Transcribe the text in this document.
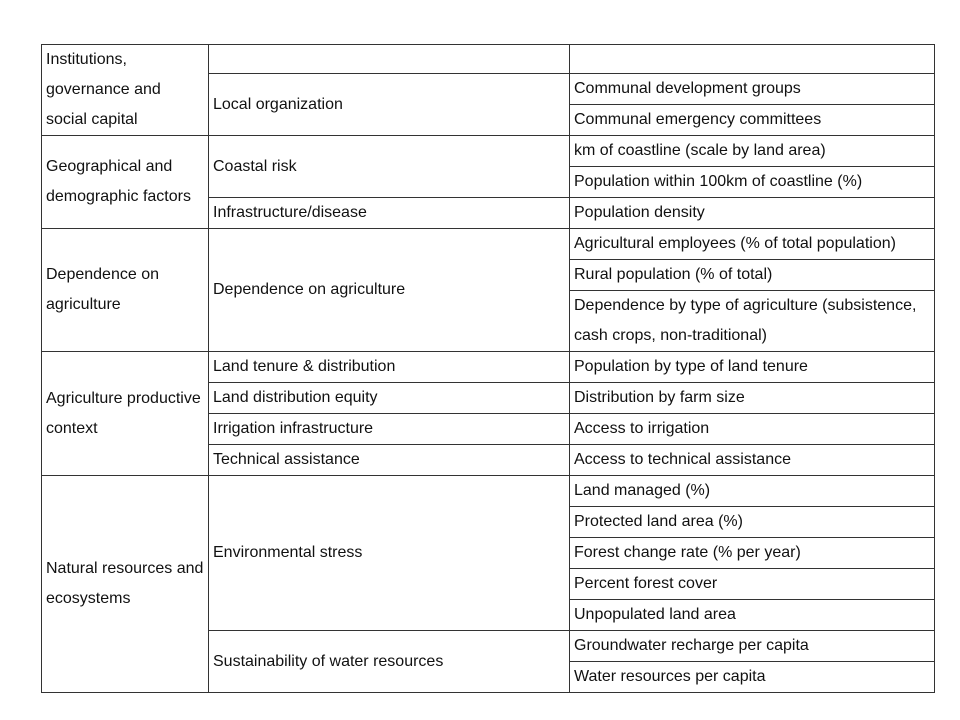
Institutions, governance and social capital		
	Local organization	Communal development groups
		Communal emergency committees
Geographical and demographic factors	Coastal risk	km of coastline (scale by land area)
		Population within 100km of coastline (%)
	Infrastructure/disease	Population density
Dependence on agriculture	Dependence on agriculture	Agricultural employees (% of total population)
		Rural population (% of total)
		Dependence by type of agriculture (subsistence, cash crops, non-traditional)
Agriculture productive context	Land tenure & distribution	Population by type of land tenure
	Land distribution equity	Distribution by farm size
	Irrigation infrastructure	Access to irrigation
	Technical assistance	Access to technical assistance
Natural resources and ecosystems	Environmental stress	Land managed (%)
		Protected land area (%)
		Forest change rate (% per year)
		Percent forest cover
		Unpopulated land area
	Sustainability of water resources	Groundwater recharge per capita
		Water resources per capita
